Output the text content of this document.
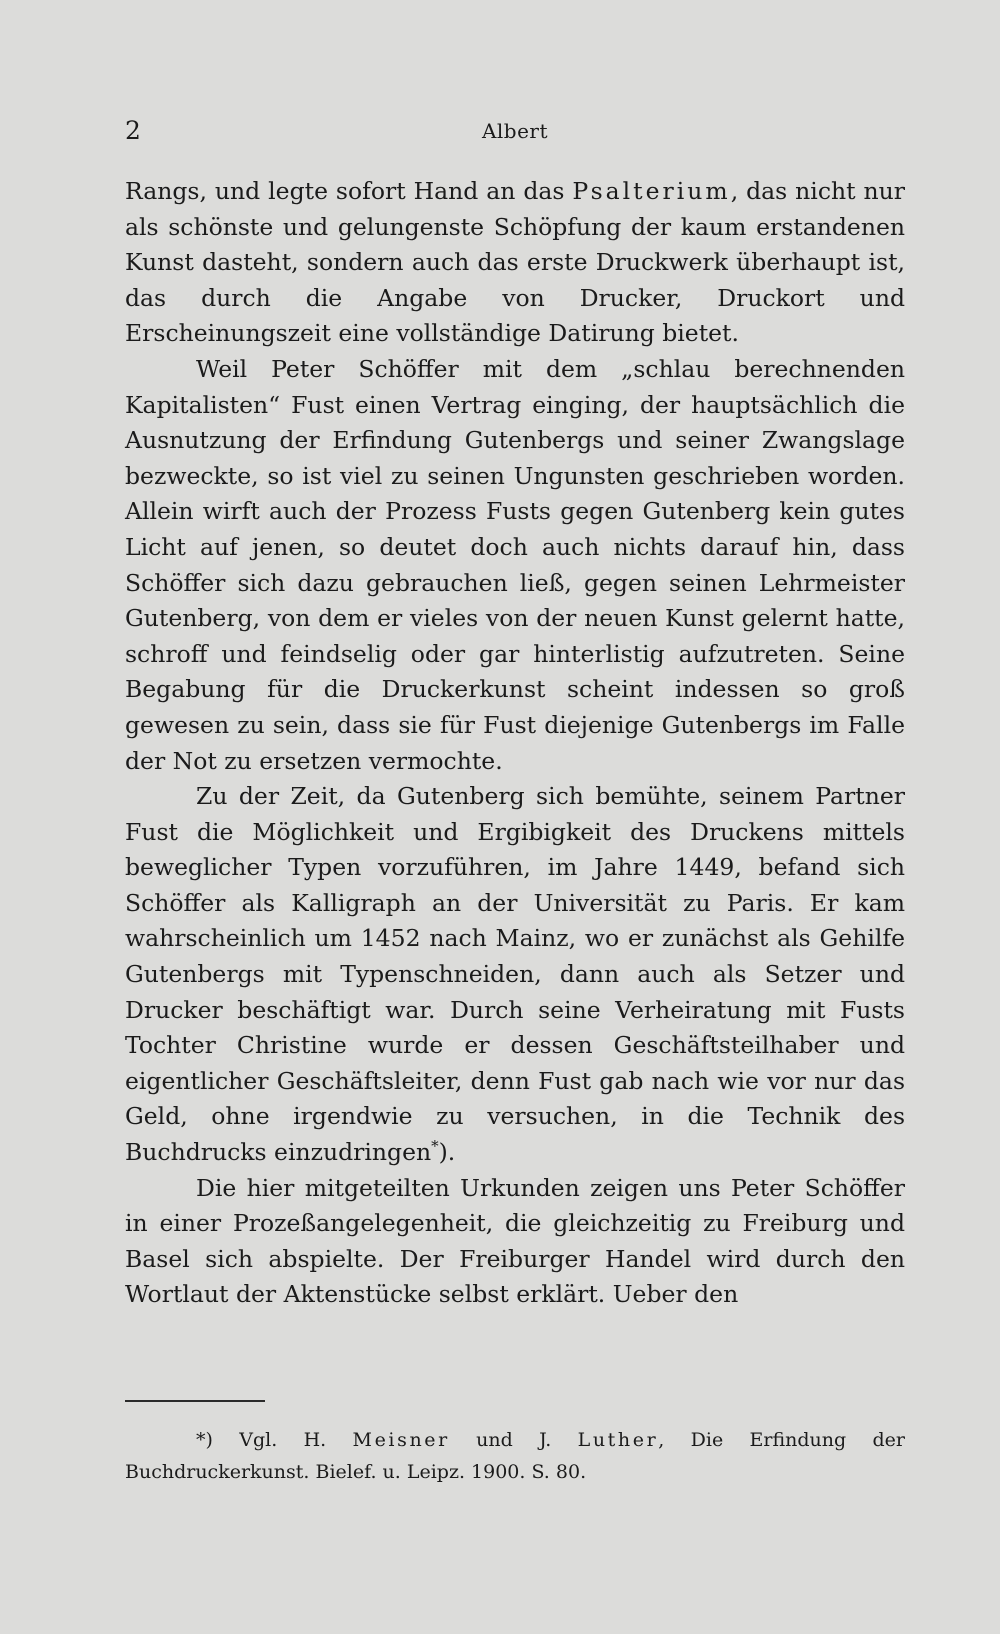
2	Albert

Rangs, und legte sofort Hand an das Psalterium, das nicht nur als schönste und gelungenste Schöpfung der kaum erstandenen Kunst dasteht, sondern auch das erste Druckwerk überhaupt ist, das durch die Angabe von Drucker, Druckort und Erscheinungszeit eine vollständige Datirung bietet.

Weil Peter Schöffer mit dem „schlau berechnenden Kapitalisten“ Fust einen Vertrag einging, der hauptsächlich die Ausnutzung der Erfindung Gutenbergs und seiner Zwangslage bezweckte, so ist viel zu seinen Ungunsten geschrieben worden. Allein wirft auch der Prozess Fusts gegen Gutenberg kein gutes Licht auf jenen, so deutet doch auch nichts darauf hin, dass Schöffer sich dazu gebrauchen ließ, gegen seinen Lehrmeister Gutenberg, von dem er vieles von der neuen Kunst gelernt hatte, schroff und feindselig oder gar hinterlistig aufzutreten. Seine Begabung für die Druckerkunst scheint indessen so groß gewesen zu sein, dass sie für Fust diejenige Gutenbergs im Falle der Not zu ersetzen vermochte.

Zu der Zeit, da Gutenberg sich bemühte, seinem Partner Fust die Möglichkeit und Ergibigkeit des Druckens mittels beweglicher Typen vorzuführen, im Jahre 1449, befand sich Schöffer als Kalligraph an der Universität zu Paris. Er kam wahrscheinlich um 1452 nach Mainz, wo er zunächst als Gehilfe Gutenbergs mit Typenschneiden, dann auch als Setzer und Drucker beschäftigt war. Durch seine Verheiratung mit Fusts Tochter Christine wurde er dessen Geschäftsteilhaber und eigentlicher Geschäftsleiter, denn Fust gab nach wie vor nur das Geld, ohne irgendwie zu versuchen, in die Technik des Buchdrucks einzudringen*).

Die hier mitgeteilten Urkunden zeigen uns Peter Schöffer in einer Prozeßangelegenheit, die gleichzeitig zu Freiburg und Basel sich abspielte. Der Freiburger Handel wird durch den Wortlaut der Aktenstücke selbst erklärt. Ueber den

*) Vgl. H. Meisner und J. Luther, Die Erfindung der Buchdruckerkunst. Bielef. u. Leipz. 1900. S. 80.
